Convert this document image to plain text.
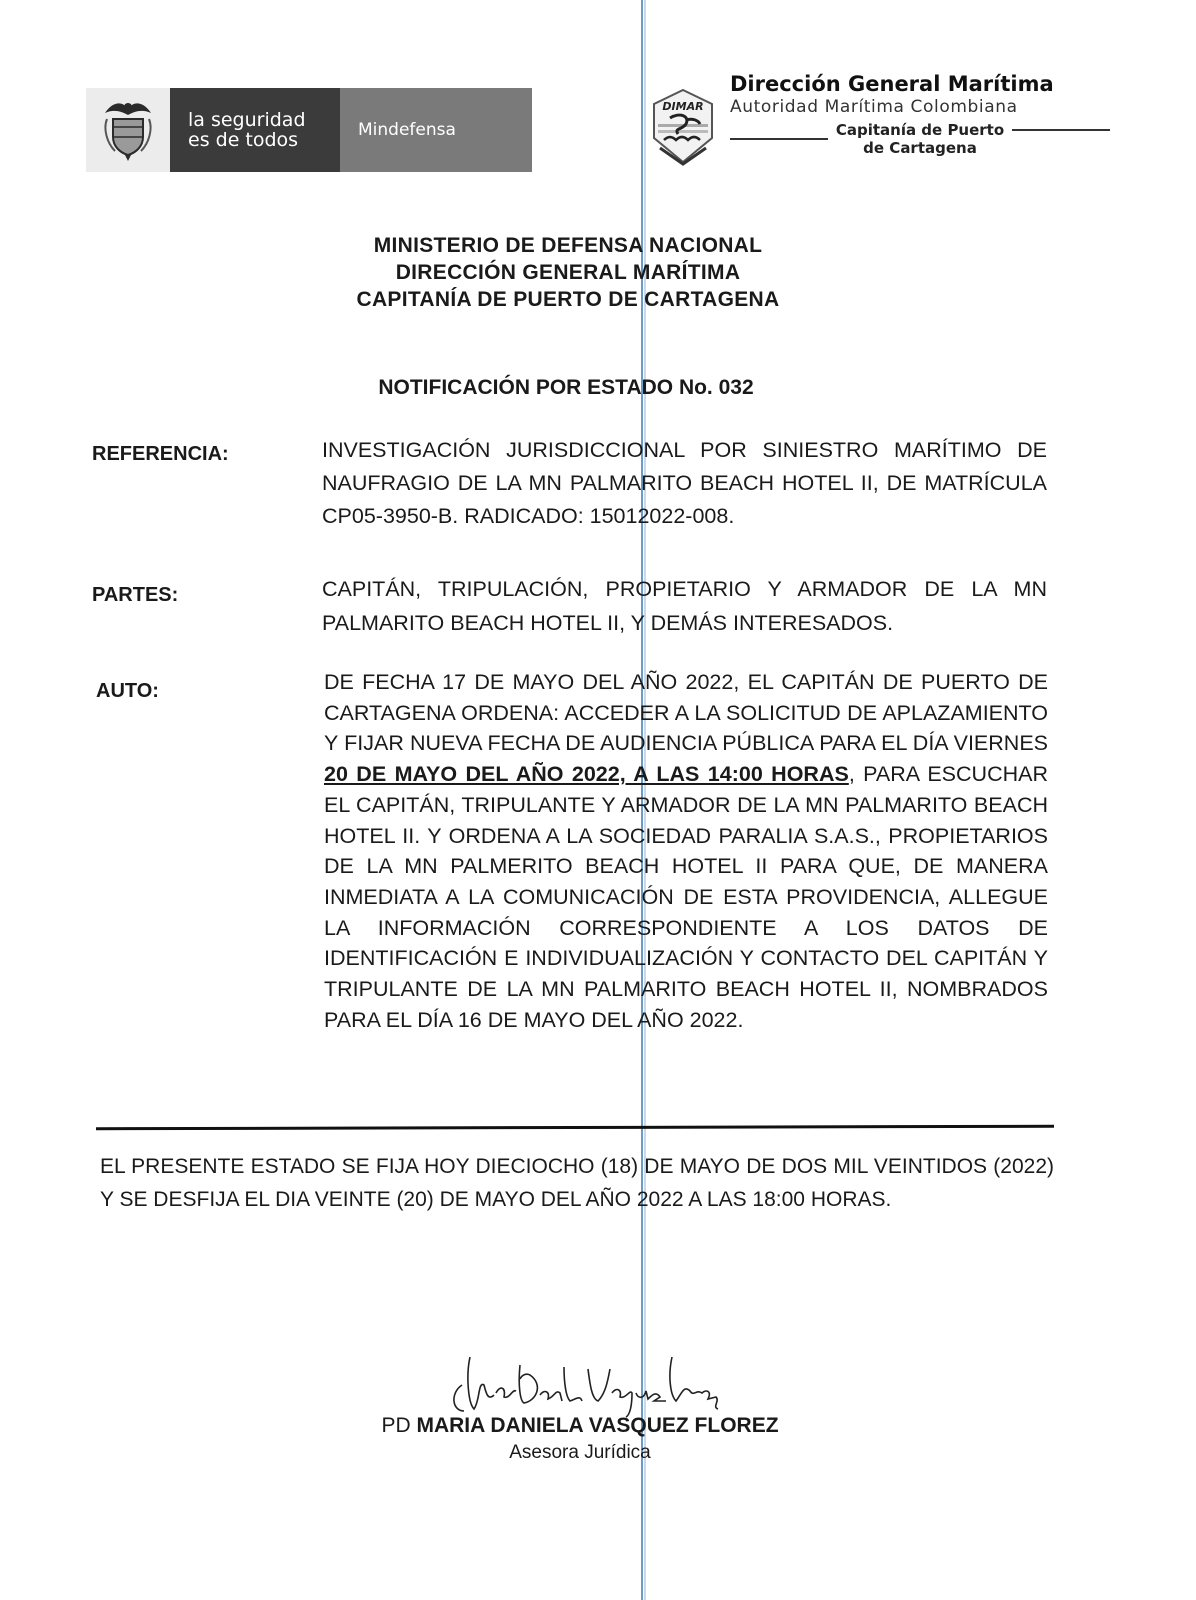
la seguridad
es de todos	Mindefensa
DIMAR
Dirección General Marítima
Autoridad Marítima Colombiana
Capitanía de Puerto
de Cartagena
MINISTERIO DE DEFENSA NACIONAL
DIRECCIÓN GENERAL MARÍTIMA
CAPITANÍA DE PUERTO DE CARTAGENA
NOTIFICACIÓN POR ESTADO No. 032
REFERENCIA:	INVESTIGACIÓN JURISDICCIONAL POR SINIESTRO MARÍTIMO DE NAUFRAGIO DE LA MN PALMARITO BEACH HOTEL II, DE MATRÍCULA CP05-3950-B. RADICADO: 15012022-008.
PARTES:	CAPITÁN, TRIPULACIÓN, PROPIETARIO Y ARMADOR DE LA MN PALMARITO BEACH HOTEL II, Y DEMÁS INTERESADOS.
AUTO:	DE FECHA 17 DE MAYO DEL AÑO 2022, EL CAPITÁN DE PUERTO DE CARTAGENA ORDENA: ACCEDER A LA SOLICITUD DE APLAZAMIENTO Y FIJAR NUEVA FECHA DE AUDIENCIA PÚBLICA PARA EL DÍA VIERNES 20 DE MAYO DEL AÑO 2022, A LAS 14:00 HORAS, PARA ESCUCHAR EL CAPITÁN, TRIPULANTE Y ARMADOR DE LA MN PALMARITO BEACH HOTEL II. Y ORDENA A LA SOCIEDAD PARALIA S.A.S., PROPIETARIOS DE LA MN PALMERITO BEACH HOTEL II PARA QUE, DE MANERA INMEDIATA A LA COMUNICACIÓN DE ESTA PROVIDENCIA, ALLEGUE LA INFORMACIÓN CORRESPONDIENTE A LOS DATOS DE IDENTIFICACIÓN E INDIVIDUALIZACIÓN Y CONTACTO DEL CAPITÁN Y TRIPULANTE DE LA MN PALMARITO BEACH HOTEL II, NOMBRADOS PARA EL DÍA 16 DE MAYO DEL AÑO 2022.
EL PRESENTE ESTADO SE FIJA HOY DIECIOCHO (18) DE MAYO DE DOS MIL VEINTIDOS (2022) Y SE DESFIJA EL DIA VEINTE (20) DE MAYO DEL AÑO 2022 A LAS 18:00 HORAS.
PD MARIA DANIELA VASQUEZ FLOREZ
Asesora Jurídica
